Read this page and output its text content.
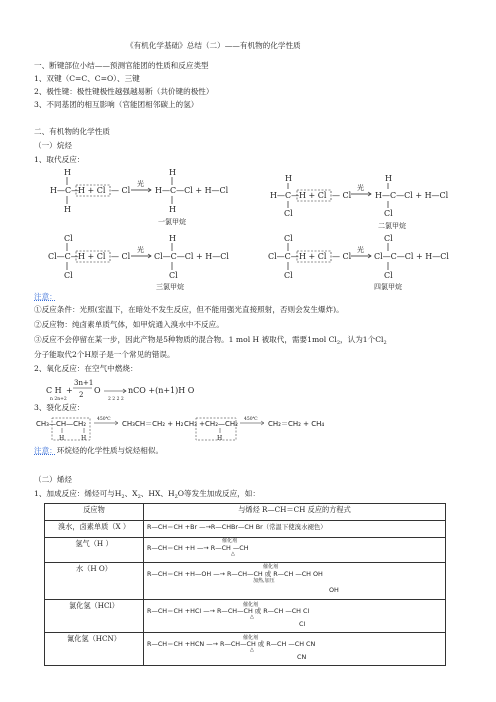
《有机化学基础》总结（二）——有机物的化学性质
一、断键部位小结——预测官能团的性质和反应类型
1、双键（C=C、C=O）、三键
2、极性键：极性键极性越强越易断（共价键的极性）
3、不同基团的相互影响（官能团相邻碳上的氢）
二、有机物的化学性质
（一）烷烃
1、取代反应：
H
H—C—
H + Cl — Cl
H
光
H
H—C—Cl + H—Cl
H
一氯甲烷
H
H—C— H + Cl — Cl
Cl
光
H
H—C—Cl + H—Cl
Cl
二氯甲烷
Cl
Cl—C— H + Cl — Cl
Cl
光
H
Cl—C—Cl + H—Cl
Cl
三氯甲烷
Cl
Cl—C— H + Cl — Cl
Cl
光
Cl
Cl—C—Cl + H—Cl
Cl
四氯甲烷
注意：
①反应条件：光照(室温下，在暗处不发生反应，但不能用强光直接照射，否则会发生爆炸)。
②反应物：纯卤素单质气体，如甲烷通入溴水中不反应。
③反应不会停留在某一步，因此产物是5种物质的混合物。1 mol H 被取代，需要1mol $Cl_2$，认为1个$Cl_2$
分子能取代2个H原子是一个常见的错误。
2、氧化反应：在空气中燃烧：
C H
n 2n+2
+
3n+1
2 O
2 2 2 2
nCO +(n+1)H O
3、裂化反应：
CH₃—CH—CH₂
H	H
450℃
CH₃CH＝CH₂ + H₂ CH₃ +CH₂—CH₂
H
450℃
CH₂＝CH₂ + CH₄
注意：环烷烃的化学性质与烷烃相似。
（二）烯烃
1、加成反应：烯烃可与$H_2$、$X_2$、HX、$H_2O$等发生加成反应，如：
反应物	与烯烃 R—CH＝CH 反应的方程式
溴水，卤素单质（X ）	R—CH＝CH +Br —→R—CHBr—CH Br（常温下使溴水褪色）
氢气（H ）	催化剂
R—CH＝CH +H —→ R—CH —CH
△

水（H O）	催化剂
R—CH＝CH +H—OH —→ R—CH—CH 或 R—CH —CH OH
加热,加压
OH

氯化氢（HCl）	催化剂
R—CH＝CH +HCl —→ R—CH—CH 或 R—CH —CH Cl
△
Cl

氰化氢（HCN）	催化剂
R—CH＝CH +HCN —→ R—CH—CH 或 R—CH —CH CN
△
CN
